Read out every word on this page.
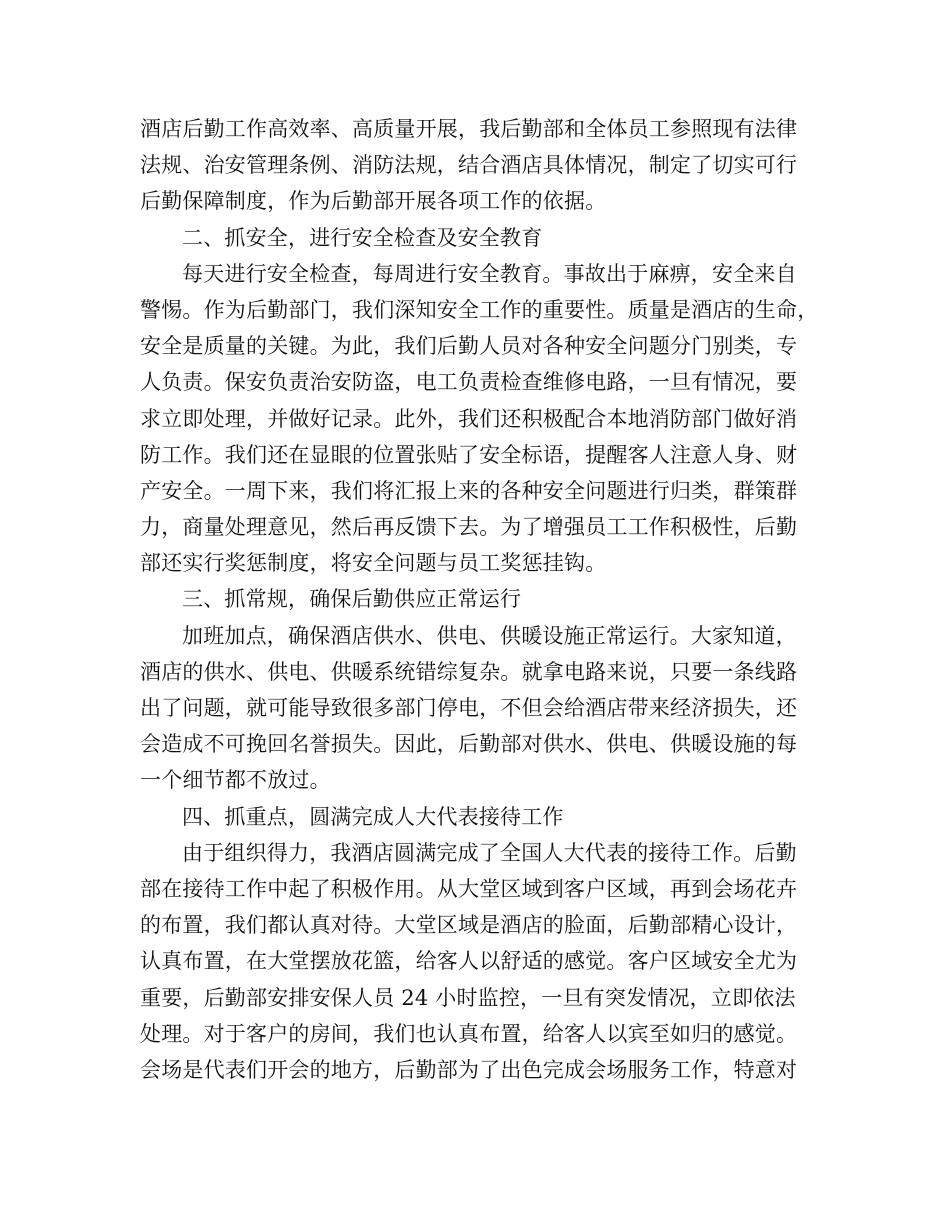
酒店后勤工作高效率、高质量开展，我后勤部和全体员工参照现有法律
法规、治安管理条例、消防法规，结合酒店具体情况，制定了切实可行
后勤保障制度，作为后勤部开展各项工作的依据。
二、抓安全，进行安全检查及安全教育
每天进行安全检查，每周进行安全教育。事故出于麻痹，安全来自
警惕。作为后勤部门，我们深知安全工作的重要性。质量是酒店的生命，
安全是质量的关键。为此，我们后勤人员对各种安全问题分门别类，专
人负责。保安负责治安防盗，电工负责检查维修电路，一旦有情况，要
求立即处理，并做好记录。此外，我们还积极配合本地消防部门做好消
防工作。我们还在显眼的位置张贴了安全标语，提醒客人注意人身、财
产安全。一周下来，我们将汇报上来的各种安全问题进行归类，群策群
力，商量处理意见，然后再反馈下去。为了增强员工工作积极性，后勤
部还实行奖惩制度，将安全问题与员工奖惩挂钩。
三、抓常规，确保后勤供应正常运行
加班加点，确保酒店供水、供电、供暖设施正常运行。大家知道，
酒店的供水、供电、供暖系统错综复杂。就拿电路来说，只要一条线路
出了问题，就可能导致很多部门停电，不但会给酒店带来经济损失，还
会造成不可挽回名誉损失。因此，后勤部对供水、供电、供暖设施的每
一个细节都不放过。
四、抓重点，圆满完成人大代表接待工作
由于组织得力，我酒店圆满完成了全国人大代表的接待工作。后勤
部在接待工作中起了积极作用。从大堂区域到客户区域，再到会场花卉
的布置，我们都认真对待。大堂区域是酒店的脸面，后勤部精心设计，
认真布置，在大堂摆放花篮，给客人以舒适的感觉。客户区域安全尤为
重要，后勤部安排安保人员 24 小时监控，一旦有突发情况，立即依法
处理。对于客户的房间，我们也认真布置，给客人以宾至如归的感觉。
会场是代表们开会的地方，后勤部为了出色完成会场服务工作，特意对
